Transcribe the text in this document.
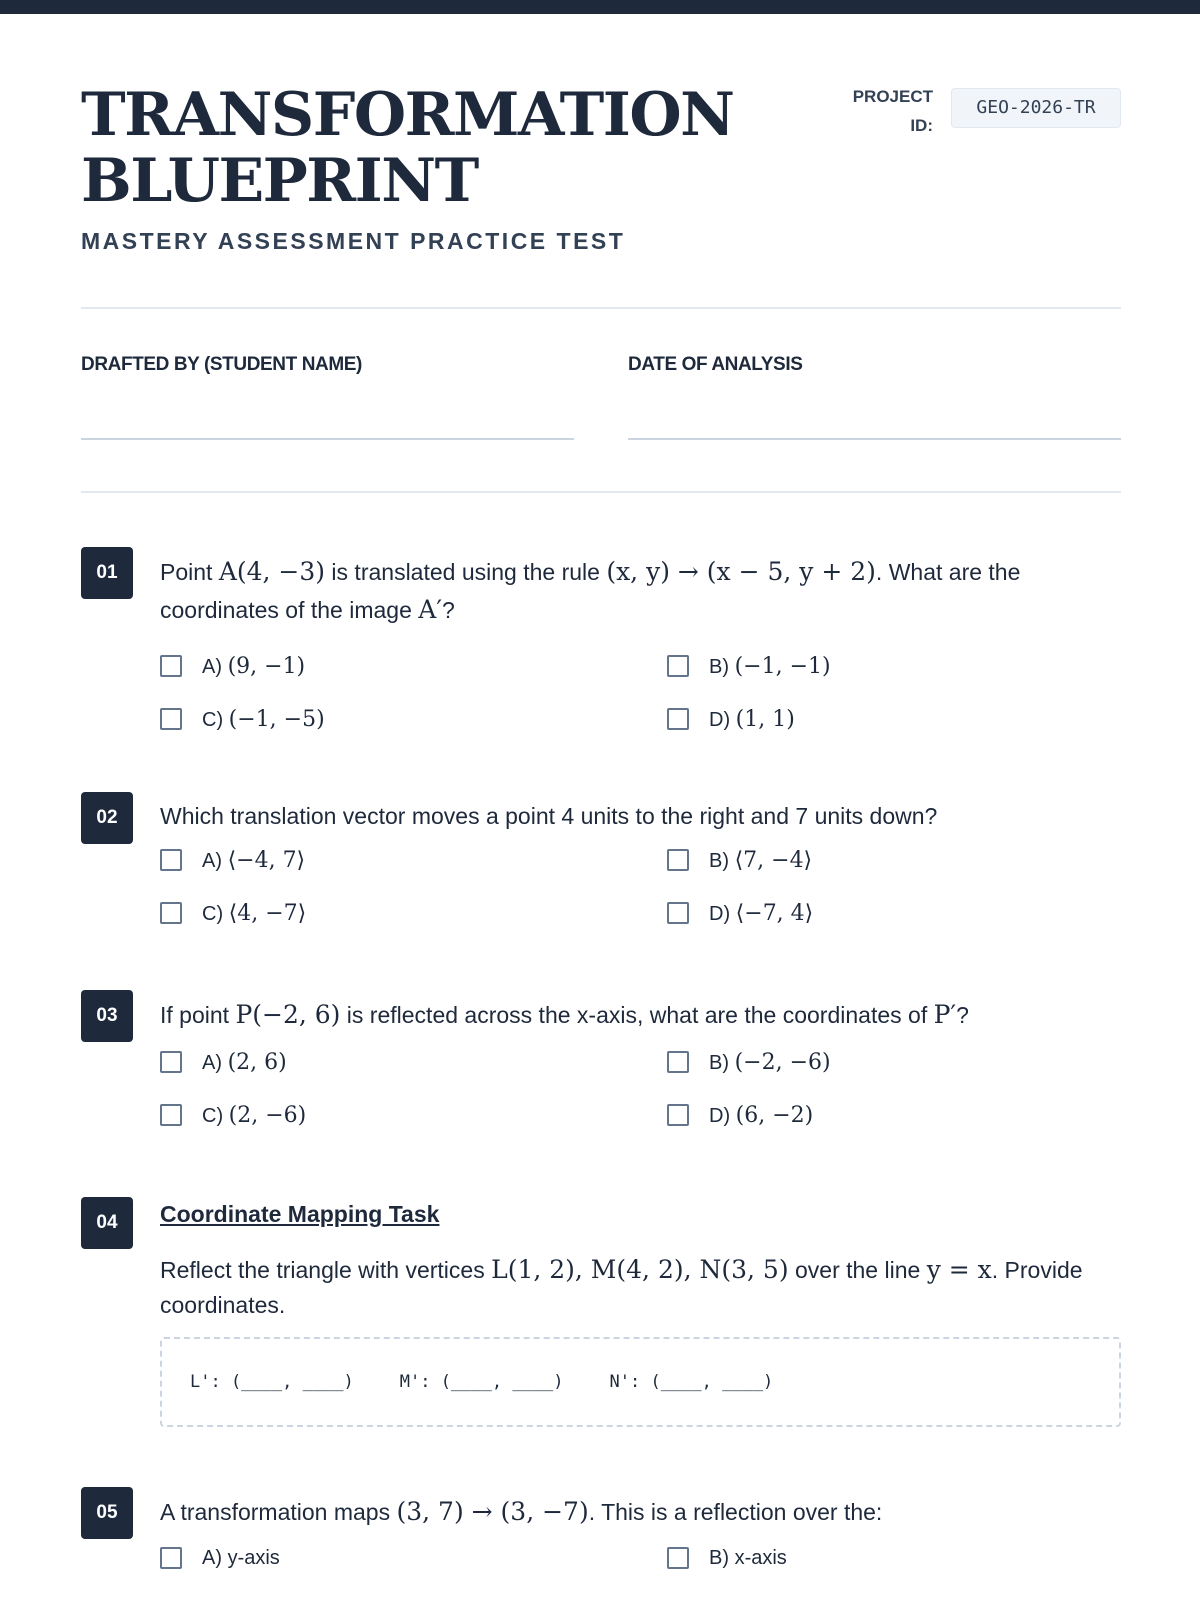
TRANSFORMATION
BLUEPRINT
MASTERY ASSESSMENT PRACTICE TEST
PROJECT
ID:
GEO-2026-TR
DRAFTED BY (STUDENT NAME)	DATE OF ANALYSIS
01	Point A(4, −3) is translated using the rule (x, y) → (x − 5, y + 2). What are the coordinates of the image A′?
A) (9, −1)	B) (−1, −1)
C) (−1, −5)	D) (1, 1)
02	Which translation vector moves a point 4 units to the right and 7 units down?
A) ⟨−4, 7⟩	B) ⟨7, −4⟩
C) ⟨4, −7⟩	D) ⟨−7, 4⟩
03	If point P(−2, 6) is reflected across the x-axis, what are the coordinates of P′?
A) (2, 6)	B) (−2, −6)
C) (2, −6)	D) (6, −2)
04	Coordinate Mapping Task
Reflect the triangle with vertices L(1, 2), M(4, 2), N(3, 5) over the line y = x. Provide coordinates.
L': (____, ____)	M': (____, ____)	N': (____, ____)
05	A transformation maps (3, 7) → (3, −7). This is a reflection over the:
A) y-axis	B) x-axis
